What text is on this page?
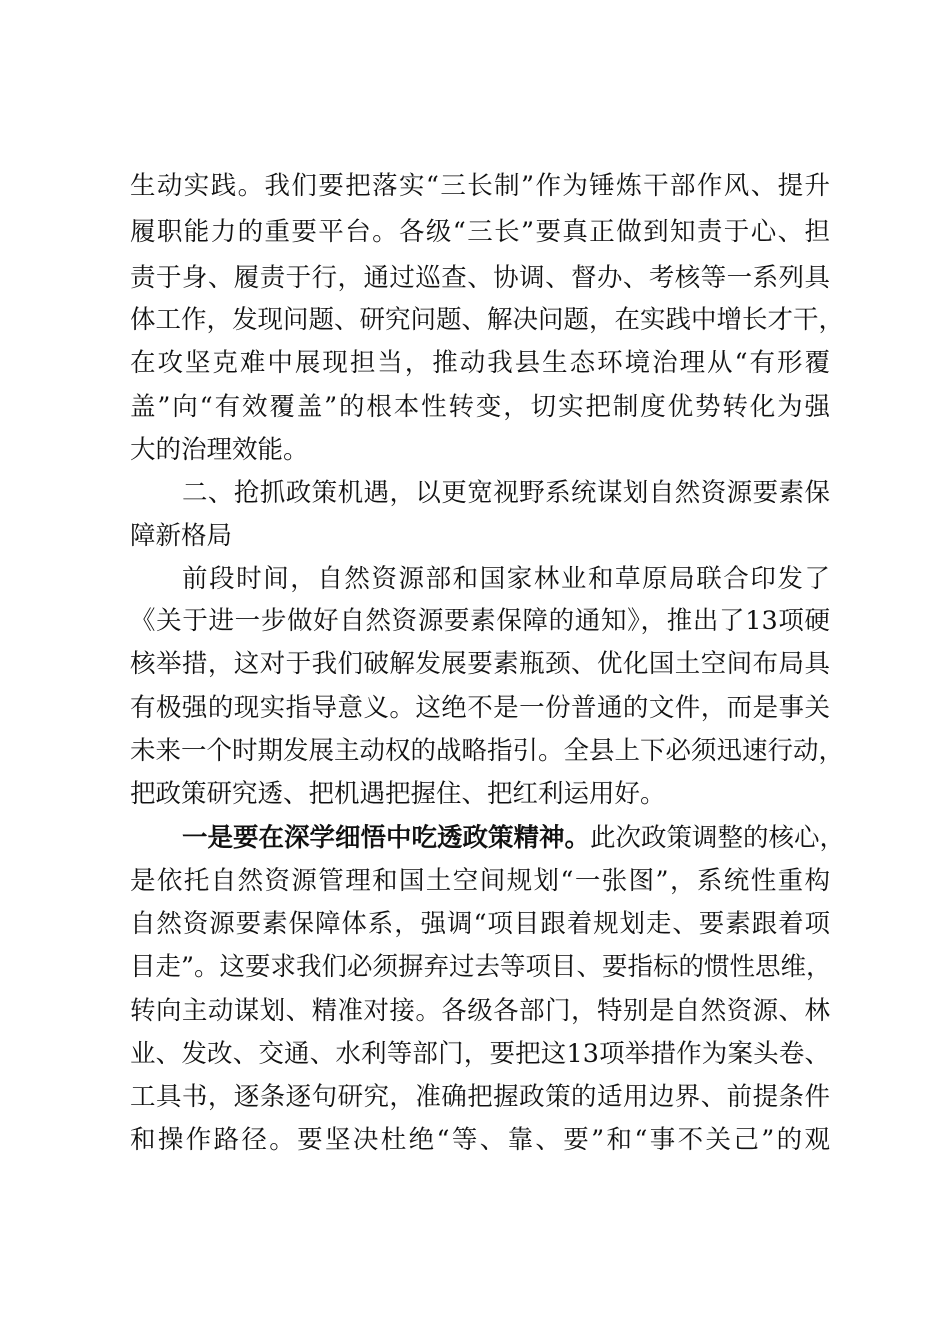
生动实践。我们要把落实“三长制”作为锤炼干部作风、提升
履职能力的重要平台。各级“三长”要真正做到知责于心、担
责于身、履责于行，通过巡查、协调、督办、考核等一系列具
体工作，发现问题、研究问题、解决问题，在实践中增长才干，
在攻坚克难中展现担当，推动我县生态环境治理从“有形覆
盖”向“有效覆盖”的根本性转变，切实把制度优势转化为强
大的治理效能。
二、抢抓政策机遇，以更宽视野系统谋划自然资源要素保
障新格局
前段时间，自然资源部和国家林业和草原局联合印发了
《关于进一步做好自然资源要素保障的通知》，推出了13项硬
核举措，这对于我们破解发展要素瓶颈、优化国土空间布局具
有极强的现实指导意义。这绝不是一份普通的文件，而是事关
未来一个时期发展主动权的战略指引。全县上下必须迅速行动，
把政策研究透、把机遇把握住、把红利运用好。
一是要在深学细悟中吃透政策精神。此次政策调整的核心，
是依托自然资源管理和国土空间规划“一张图”，系统性重构
自然资源要素保障体系，强调“项目跟着规划走、要素跟着项
目走”。这要求我们必须摒弃过去等项目、要指标的惯性思维，
转向主动谋划、精准对接。各级各部门，特别是自然资源、林
业、发改、交通、水利等部门，要把这13项举措作为案头卷、
工具书，逐条逐句研究，准确把握政策的适用边界、前提条件
和操作路径。要坚决杜绝“等、靠、要”和“事不关己”的观
